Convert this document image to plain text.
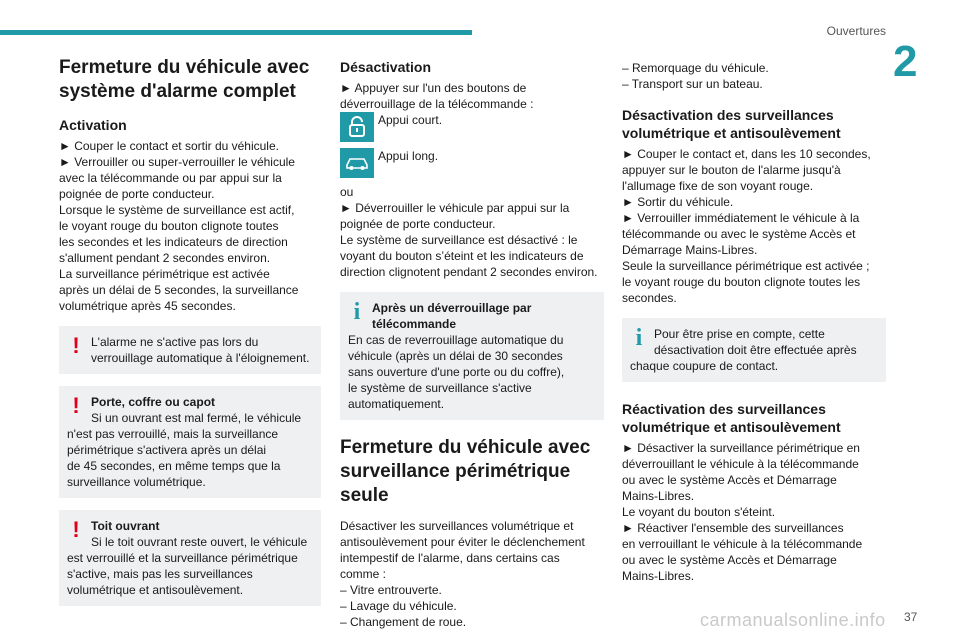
Ouvertures
2
Fermeture du véhicule avec
système d'alarme complet
Activation

► Couper le contact et sortir du véhicule.

► Verrouiller ou super-verrouiller le véhicule

avec la télécommande ou par appui sur la

poignée de porte conducteur.

Lorsque le système de surveillance est actif,

le voyant rouge du bouton clignote toutes

les secondes et les indicateurs de direction

s'allument pendant 2 secondes environ.

La surveillance périmétrique est activée

après un délai de 5 secondes, la surveillance

volumétrique après 45 secondes.

! L'alarme ne s'active pas lors du
verrouillage automatique à l'éloignement.
! Porte, coffre ou capot
Si un ouvrant est mal fermé, le véhicule
n'est pas verrouillé, mais la surveillance
périmétrique s'activera après un délai
de 45 secondes, en même temps que la
surveillance volumétrique.
! Toit ouvrant
Si le toit ouvrant reste ouvert, le véhicule
est verrouillé et la surveillance périmétrique
s'active, mais pas les surveillances
volumétrique et antisoulèvement.
Désactivation

► Appuyer sur l'un des boutons de

déverrouillage de la télécommande :

Appui court.
Appui long.

ou

► Déverrouiller le véhicule par appui sur la

poignée de porte conducteur.

Le système de surveillance est désactivé : le

voyant du bouton s’éteint et les indicateurs de

direction clignotent pendant 2 secondes environ.

i Après un déverrouillage par
télécommande
En cas de reverrouillage automatique du
véhicule (après un délai de 30 secondes
sans ouverture d'une porte ou du coffre),
le système de surveillance s'active
automatiquement.
Fermeture du véhicule avec
surveillance périmétrique
seule

Désactiver les surveillances volumétrique et

antisoulèvement pour éviter le déclenchement

intempestif de l'alarme, dans certains cas

comme :

– Vitre entrouverte.

– Lavage du véhicule.

– Changement de roue.

– Remorquage du véhicule.

– Transport sur un bateau.

Désactivation des surveillances
volumétrique et antisoulèvement

► Couper le contact et, dans les 10 secondes,

appuyer sur le bouton de l'alarme jusqu'à

l'allumage fixe de son voyant rouge.

► Sortir du véhicule.

► Verrouiller immédiatement le véhicule à la

télécommande ou avec le système Accès et

Démarrage Mains-Libres.

Seule la surveillance périmétrique est activée ;

le voyant rouge du bouton clignote toutes les

secondes.

i Pour être prise en compte, cette
désactivation doit être effectuée après
chaque coupure de contact.
Réactivation des surveillances
volumétrique et antisoulèvement

► Désactiver la surveillance périmétrique en

déverrouillant le véhicule à la télécommande

ou avec le système Accès et Démarrage

Mains-Libres.

Le voyant du bouton s'éteint.

► Réactiver l'ensemble des surveillances

en verrouillant le véhicule à la télécommande

ou avec le système Accès et Démarrage

Mains-Libres.

carmanualsonline.info 37
